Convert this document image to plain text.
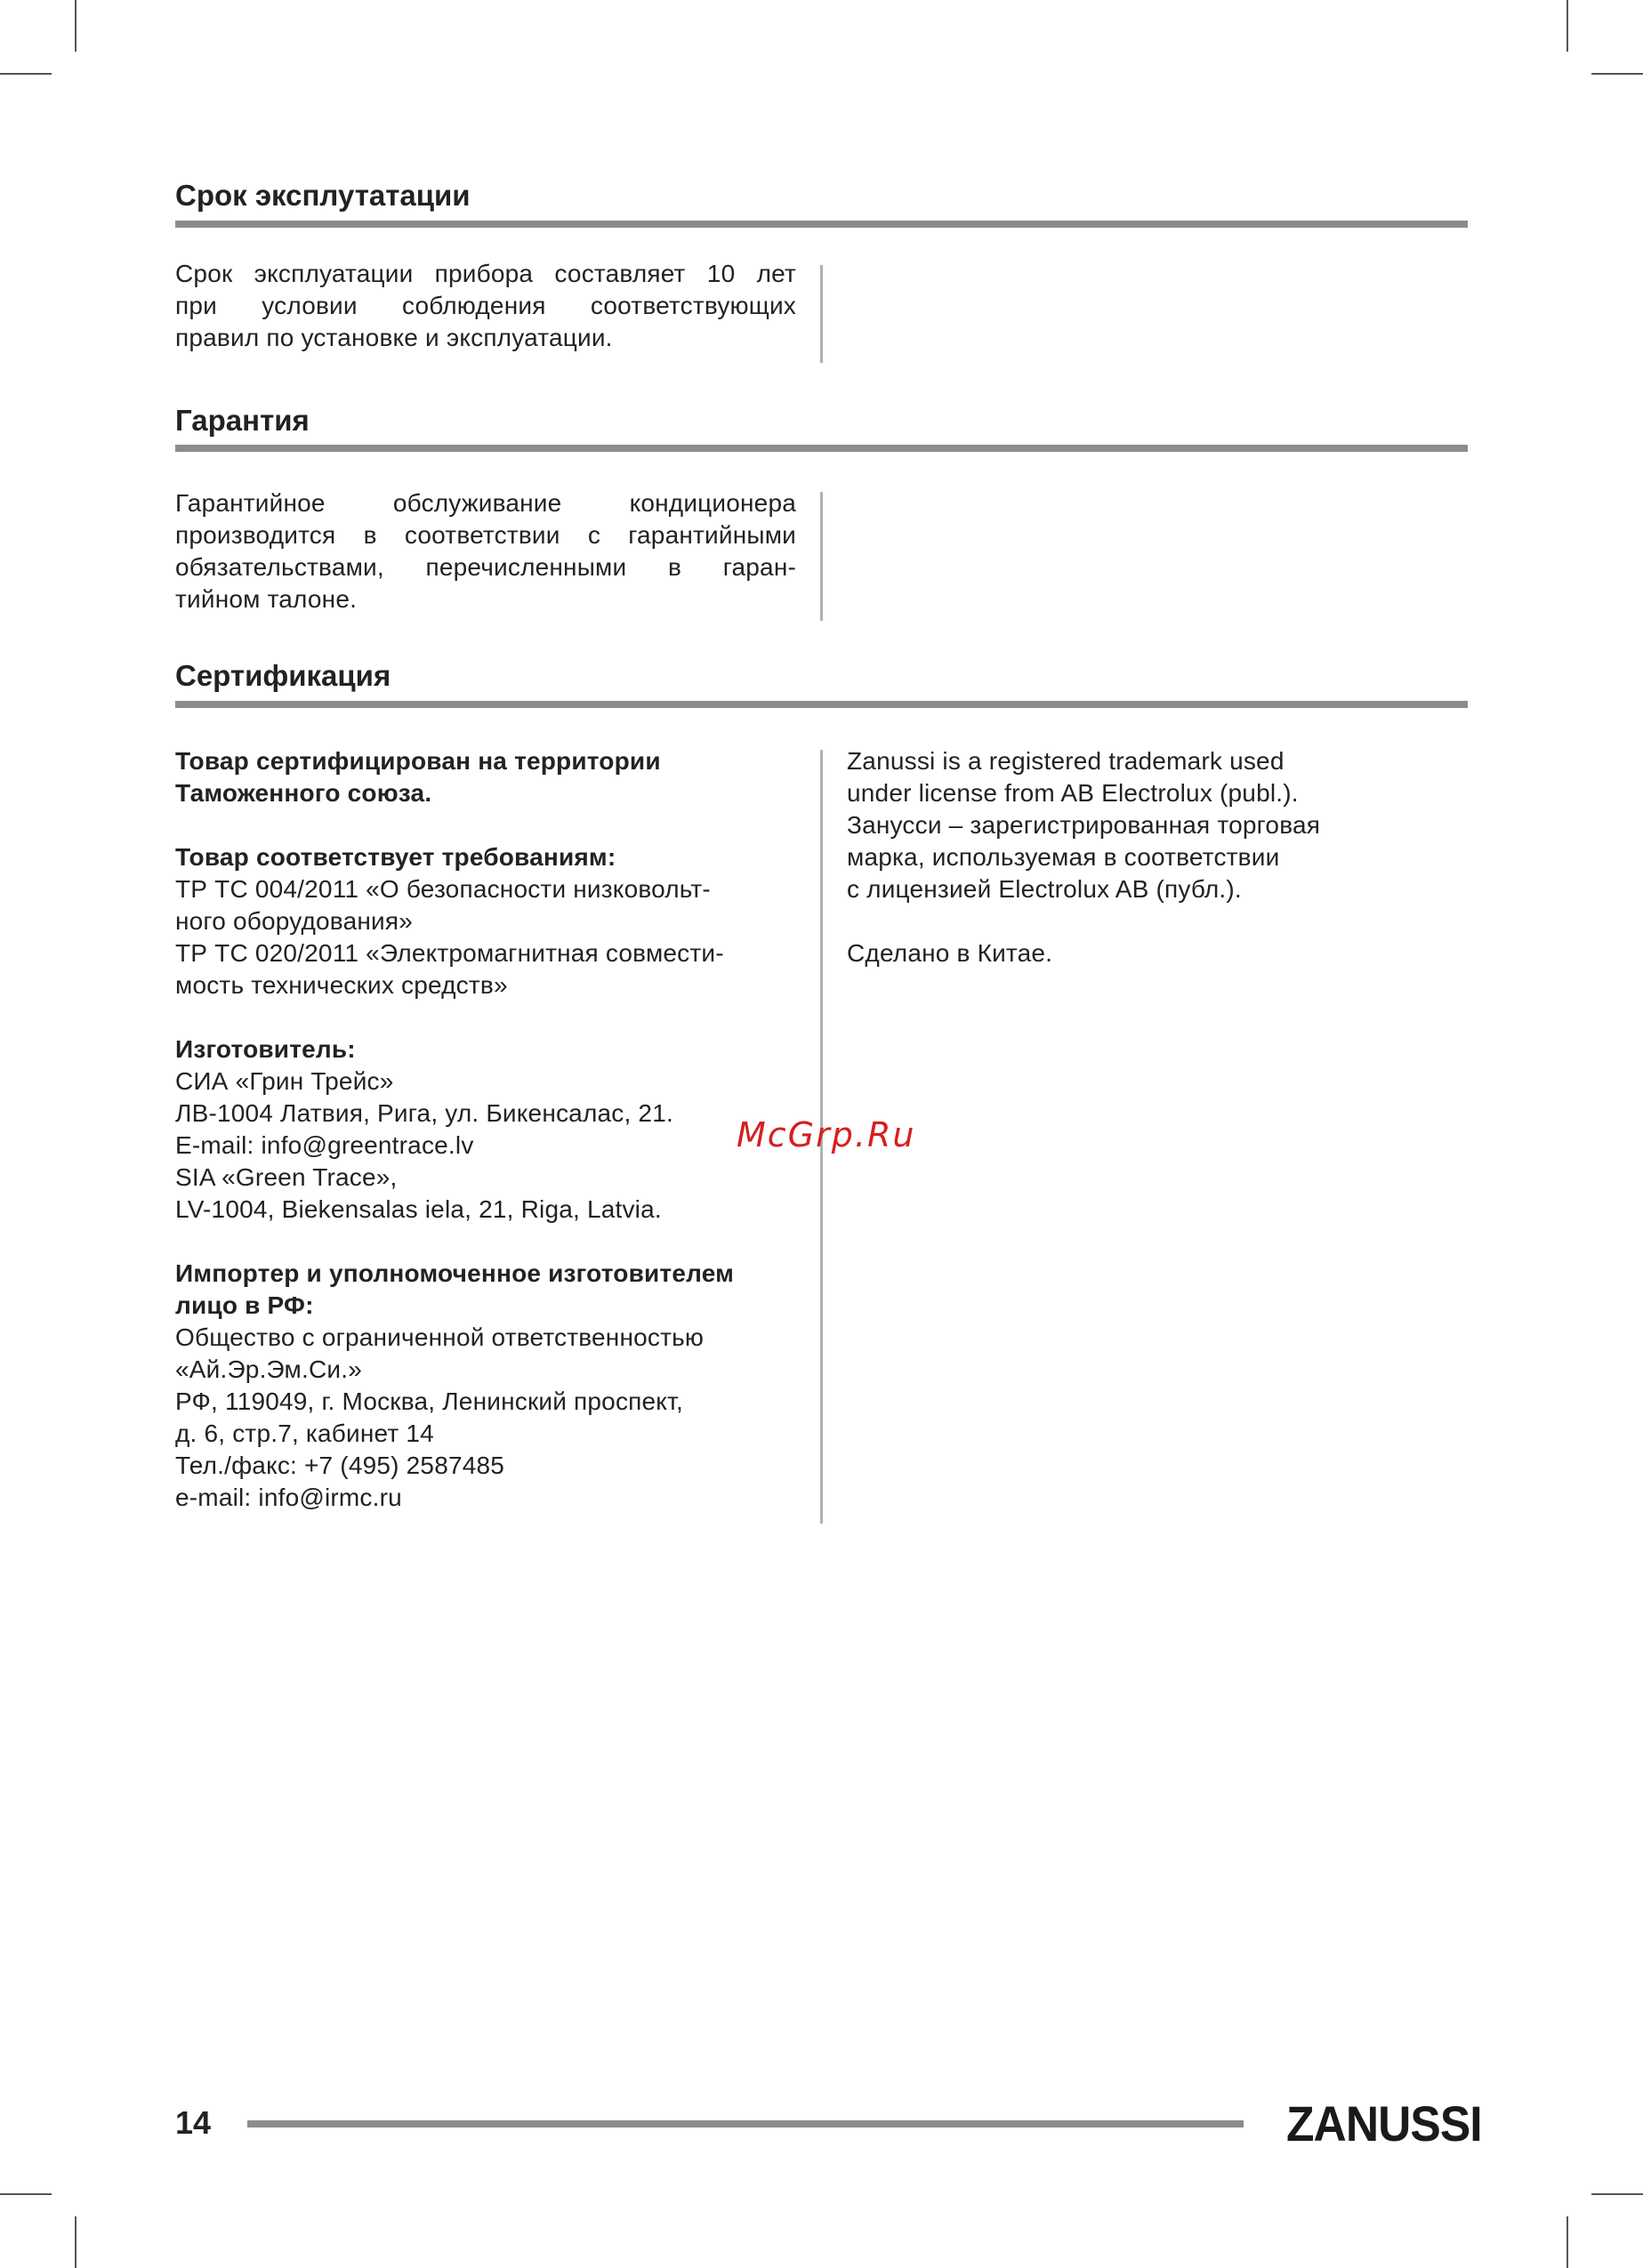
Срок эксплутатации
Срок эксплуатации прибора составляет 10 лет
при условии соблюдения соответствующих
правил по установке и эксплуатации.
Гарантия
Гарантийное обслуживание кондиционера
производится в соответствии с гарантийными
обязательствами, перечисленными в гаран-
тийном талоне.
Сертификация
Товар сертифицирован на территории
Таможенного союза.
Товар соответствует требованиям:
ТР ТС 004/2011 «О безопасности низковольт-
ного оборудования»
ТР ТС 020/2011 «Электромагнитная совмести-
мость технических средств»
Изготовитель:
СИА «Грин Трейс»
ЛВ-1004 Латвия, Рига, ул. Бикенсалас, 21.
E-mail: info@greentrace.lv
SIA «Green Trace»,
LV-1004, Biekensalas iela, 21, Riga, Latvia.
Импортер и уполномоченное изготовителем
лицо в РФ:
Общество с ограниченной ответственностью
«Ай.Эр.Эм.Си.»
РФ, 119049, г. Москва, Ленинский проспект,
д. 6, стр.7, кабинет 14
Тел./факс: +7 (495) 2587485
e-mail: info@irmc.ru
Zanussi is a registered trademark used
under license from AB Electrolux (publ.).
Занусси – зарегистрированная торговая
марка, используемая в соответствии
с лицензией Electrolux AB (публ.).
Сделано в Китае.
McGrp.Ru
14	ZANUSSI
